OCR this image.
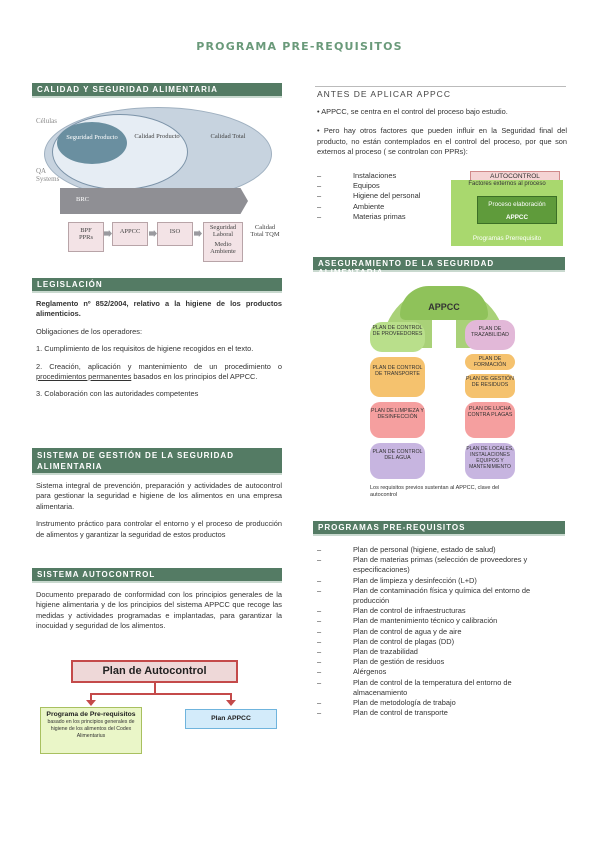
PROGRAMA PRE-REQUISITOS
CALIDAD Y SEGURIDAD ALIMENTARIA
Células
Seguridad Producto	Calidad Producto	Calidad Total
QA
Systems
BRC
BPF
PPRs
APPCC	ISO
Seguridad Laboral
Medio Ambiente
Calidad Total TQM
LEGISLACIÓN

Reglamento nº 852/2004, relativo a la higiene de los productos alimenticios.

Obligaciones de los operadores:

1. Cumplimiento de los requisitos de higiene recogidos en el texto.

2. Creación, aplicación y mantenimiento de un procedimiento o procedimientos permanentes basados en los principios del APPCC.

3. Colaboración con las autoridades competentes

SISTEMA DE GESTIÓN DE LA SEGURIDAD ALIMENTARIA

Sistema integral de prevención, preparación y actividades de autocontrol para gestionar la seguridad e higiene de los alimentos en una empresa alimentaria.

Instrumento práctico para controlar el entorno y el proceso de producción de alimentos y garantizar la seguridad de estos productos

SISTEMA AUTOCONTROL
Documento preparado de conformidad con los principios generales de la higiene alimentaria y de los principios del sistema APPCC que recoge las medidas y actividades programadas e implantadas, para garantizar la inocuidad y seguridad de los alimentos.
Plan de Autocontrol
Programa de Pre-requisitos
basado en los principios generales de higiene de los alimentos del Codex Alimentarius
Plan APPCC
ANTES DE APLICAR APPCC

• APPCC, se centra en el control del proceso bajo estudio.

• Pero hay otros factores que pueden influir en la Seguridad final del producto, no están contemplados en el control del proceso, por que son externos al proceso ( se controlan con PPRs):

– Instalaciones
– Equipos
– Higiene del personal
– Ambiente
– Materias primas
AUTOCONTROL
Factores externos al proceso
Proceso elaboración
APPCC
Programas Prerrequisito
ASEGURAMIENTO DE LA SEGURIDAD ALIMENTARIA
APPCC
PLAN DE CONTROL DE PROVEEDORES
PLAN DE CONTROL DE TRANSPORTE
PLAN DE LIMPIEZA Y DESINFECCIÓN
PLAN DE CONTROL DEL AGUA
PLAN DE TRAZABILIDAD
PLAN DE FORMACIÓN
PLAN DE GESTIÓN DE RESIDUOS
PLAN DE LUCHA CONTRA PLAGAS
PLAN DE LOCALES, INSTALACIONES EQUIPOS Y MANTENIMIENTO
Los requisitos previos sustentan al APPCC, clave del autocontrol
PROGRAMAS PRE-REQUISITOS
– Plan de personal (higiene, estado de salud)
– Plan de materias primas (selección de proveedores y especificaciones)
– Plan de limpieza y desinfección (L+D)
– Plan de contaminación física y química del entorno de producción
– Plan de control de infraestructuras
– Plan de mantenimiento técnico y calibración
– Plan de control de agua y de aire
– Plan de control de plagas (DD)
– Plan de trazabilidad
– Plan de gestión de residuos
– Alérgenos
– Plan de control de la temperatura del entorno de almacenamiento
– Plan de metodología de trabajo
– Plan de control de transporte
